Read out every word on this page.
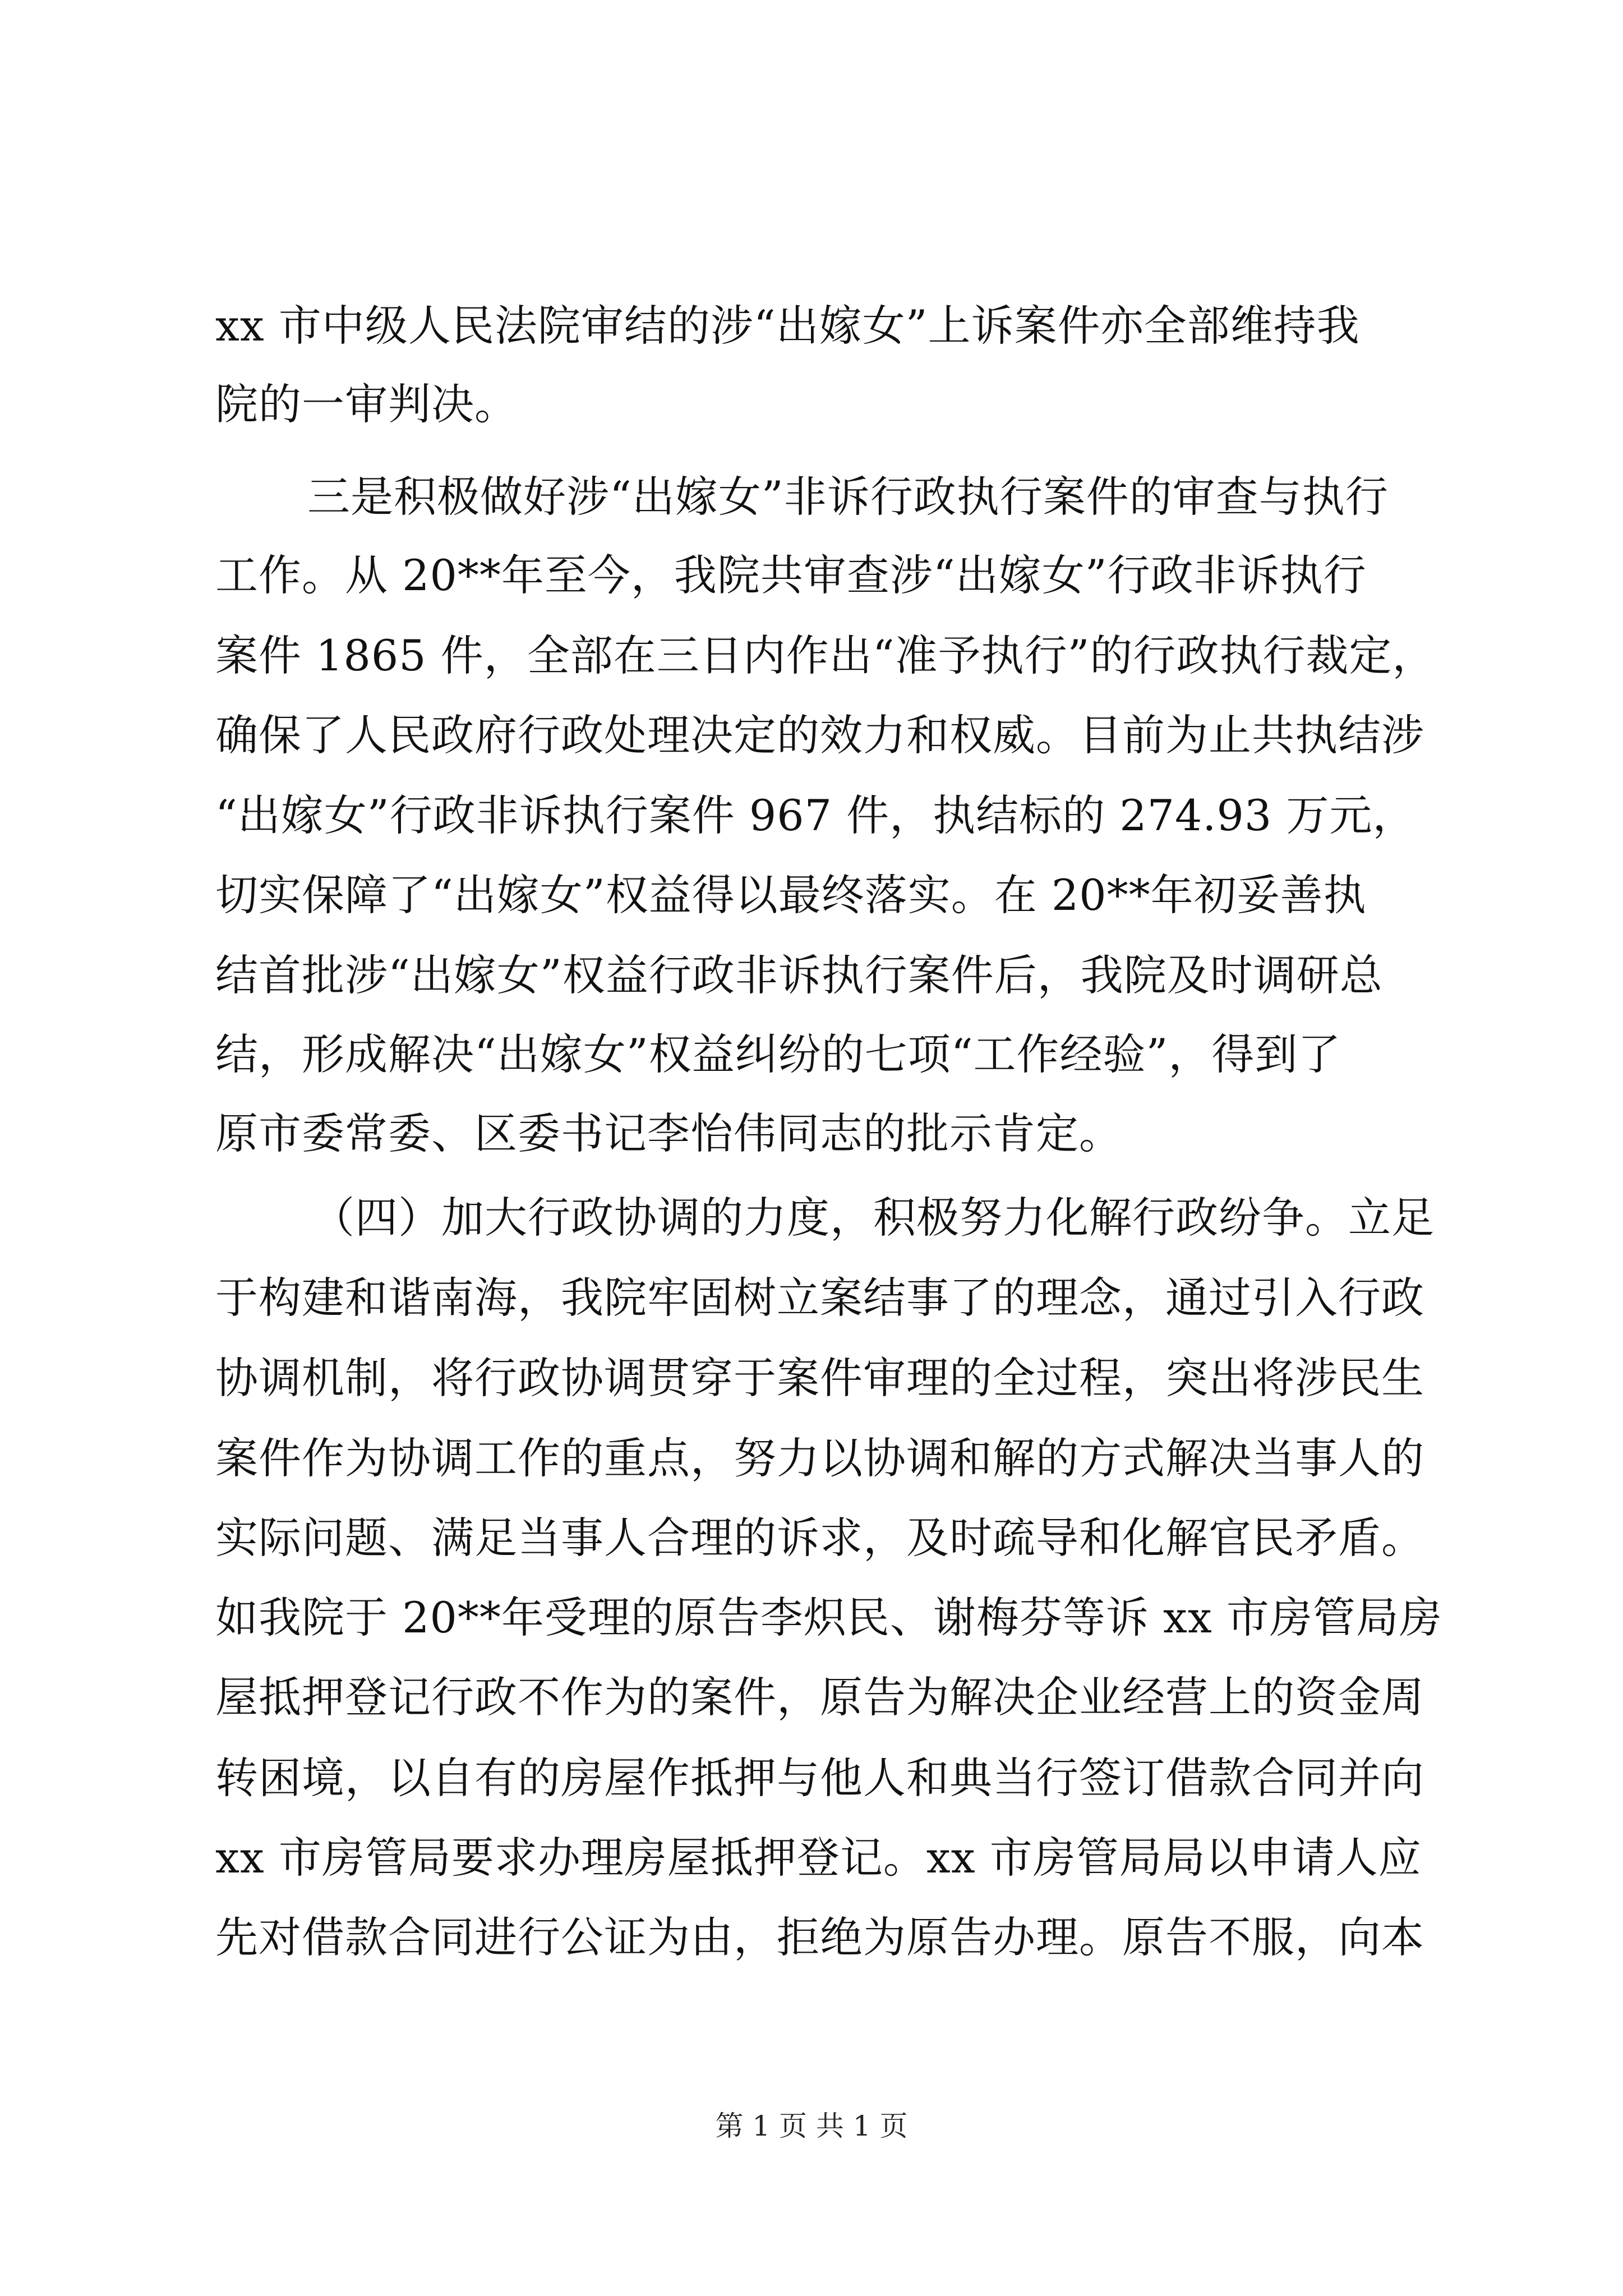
xx 市中级人民法院审结的涉“出嫁女”上诉案件亦全部维持我
院的一审判决。
三是积极做好涉“出嫁女”非诉行政执行案件的审查与执行
工作。从 20**年至今，我院共审查涉“出嫁女”行政非诉执行
案件 1865 件，全部在三日内作出“准予执行”的行政执行裁定，
确保了人民政府行政处理决定的效力和权威。目前为止共执结涉
“出嫁女”行政非诉执行案件 967 件，执结标的 274.93 万元，
切实保障了“出嫁女”权益得以最终落实。在 20**年初妥善执
结首批涉“出嫁女”权益行政非诉执行案件后，我院及时调研总
结，形成解决“出嫁女”权益纠纷的七项“工作经验”，得到了
原市委常委、区委书记李怡伟同志的批示肯定。
（四）加大行政协调的力度，积极努力化解行政纷争。立足
于构建和谐南海，我院牢固树立案结事了的理念，通过引入行政
协调机制，将行政协调贯穿于案件审理的全过程，突出将涉民生
案件作为协调工作的重点，努力以协调和解的方式解决当事人的
实际问题、满足当事人合理的诉求，及时疏导和化解官民矛盾。
如我院于 20**年受理的原告李炽民、谢梅芬等诉 xx 市房管局房
屋抵押登记行政不作为的案件，原告为解决企业经营上的资金周
转困境，以自有的房屋作抵押与他人和典当行签订借款合同并向
xx 市房管局要求办理房屋抵押登记。xx 市房管局局以申请人应
先对借款合同进行公证为由，拒绝为原告办理。原告不服，向本
第 1 页 共 1 页
